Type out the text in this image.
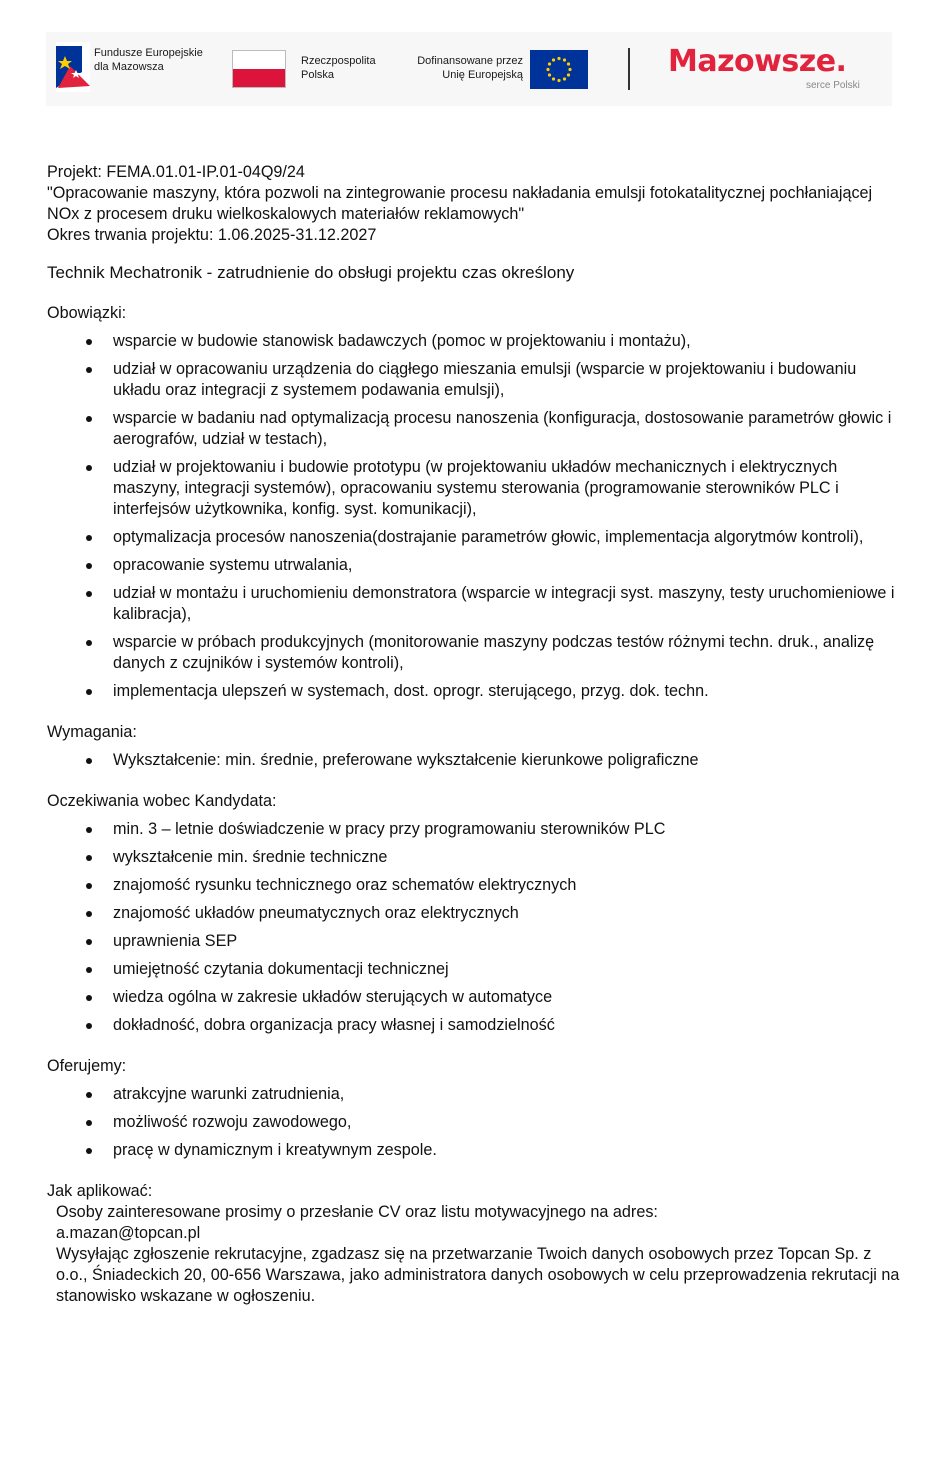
Fundusze Europejskie
dla Mazowsza	Rzeczpospolita
Polska
Dofinansowane przez
Unię Europejską	Mazowsze.
serce Polski

Projekt: FEMA.01.01-IP.01-04Q9/24

"Opracowanie maszyny, która pozwoli na zintegrowanie procesu nakładania emulsji fotokatalitycznej pochłaniającej NOx z procesem druku wielkoskalowych materiałów reklamowych"

Okres trwania projektu: 1.06.2025-31.12.2027

Technik Mechatronik - zatrudnienie do obsługi projektu czas określony

Obowiązki:

wsparcie w budowie stanowisk badawczych (pomoc w projektowaniu i montażu),
udział w opracowaniu urządzenia do ciągłego mieszania emulsji (wsparcie w projektowaniu i budowaniu układu oraz integracji z systemem podawania emulsji),
wsparcie w badaniu nad optymalizacją procesu nanoszenia (konfiguracja, dostosowanie parametrów głowic i aerografów, udział w testach),
udział w projektowaniu i budowie prototypu (w projektowaniu układów mechanicznych i elektrycznych maszyny, integracji systemów), opracowaniu systemu sterowania (programowanie sterowników PLC i interfejsów użytkownika, konfig. syst. komunikacji),
optymalizacja procesów nanoszenia(dostrajanie parametrów głowic, implementacja algorytmów kontroli),
opracowanie systemu utrwalania,
udział w montażu i uruchomieniu demonstratora (wsparcie w integracji syst. maszyny, testy uruchomieniowe i kalibracja),
wsparcie w próbach produkcyjnych (monitorowanie maszyny podczas testów różnymi techn. druk., analizę danych z czujników i systemów kontroli),
implementacja ulepszeń w systemach, dost. oprogr. sterującego, przyg. dok. techn.

Wymagania:

Wykształcenie: min. średnie, preferowane wykształcenie kierunkowe poligraficzne

Oczekiwania wobec Kandydata:

min. 3 – letnie doświadczenie w pracy przy programowaniu sterowników PLC
wykształcenie min. średnie techniczne
znajomość rysunku technicznego oraz schematów elektrycznych
znajomość układów pneumatycznych oraz elektrycznych
uprawnienia SEP
umiejętność czytania dokumentacji technicznej
wiedza ogólna w zakresie układów sterujących w automatyce
dokładność, dobra organizacja pracy własnej i samodzielność

Oferujemy:

atrakcyjne warunki zatrudnienia,
możliwość rozwoju zawodowego,
pracę w dynamicznym i kreatywnym zespole.

Jak aplikować:

Osoby zainteresowane prosimy o przesłanie CV oraz listu motywacyjnego na adres:

a.mazan@topcan.pl

Wysyłając zgłoszenie rekrutacyjne, zgadzasz się na przetwarzanie Twoich danych osobowych przez Topcan Sp. z o.o., Śniadeckich 20, 00-656 Warszawa, jako administratora danych osobowych w celu przeprowadzenia rekrutacji na stanowisko wskazane w ogłoszeniu.
